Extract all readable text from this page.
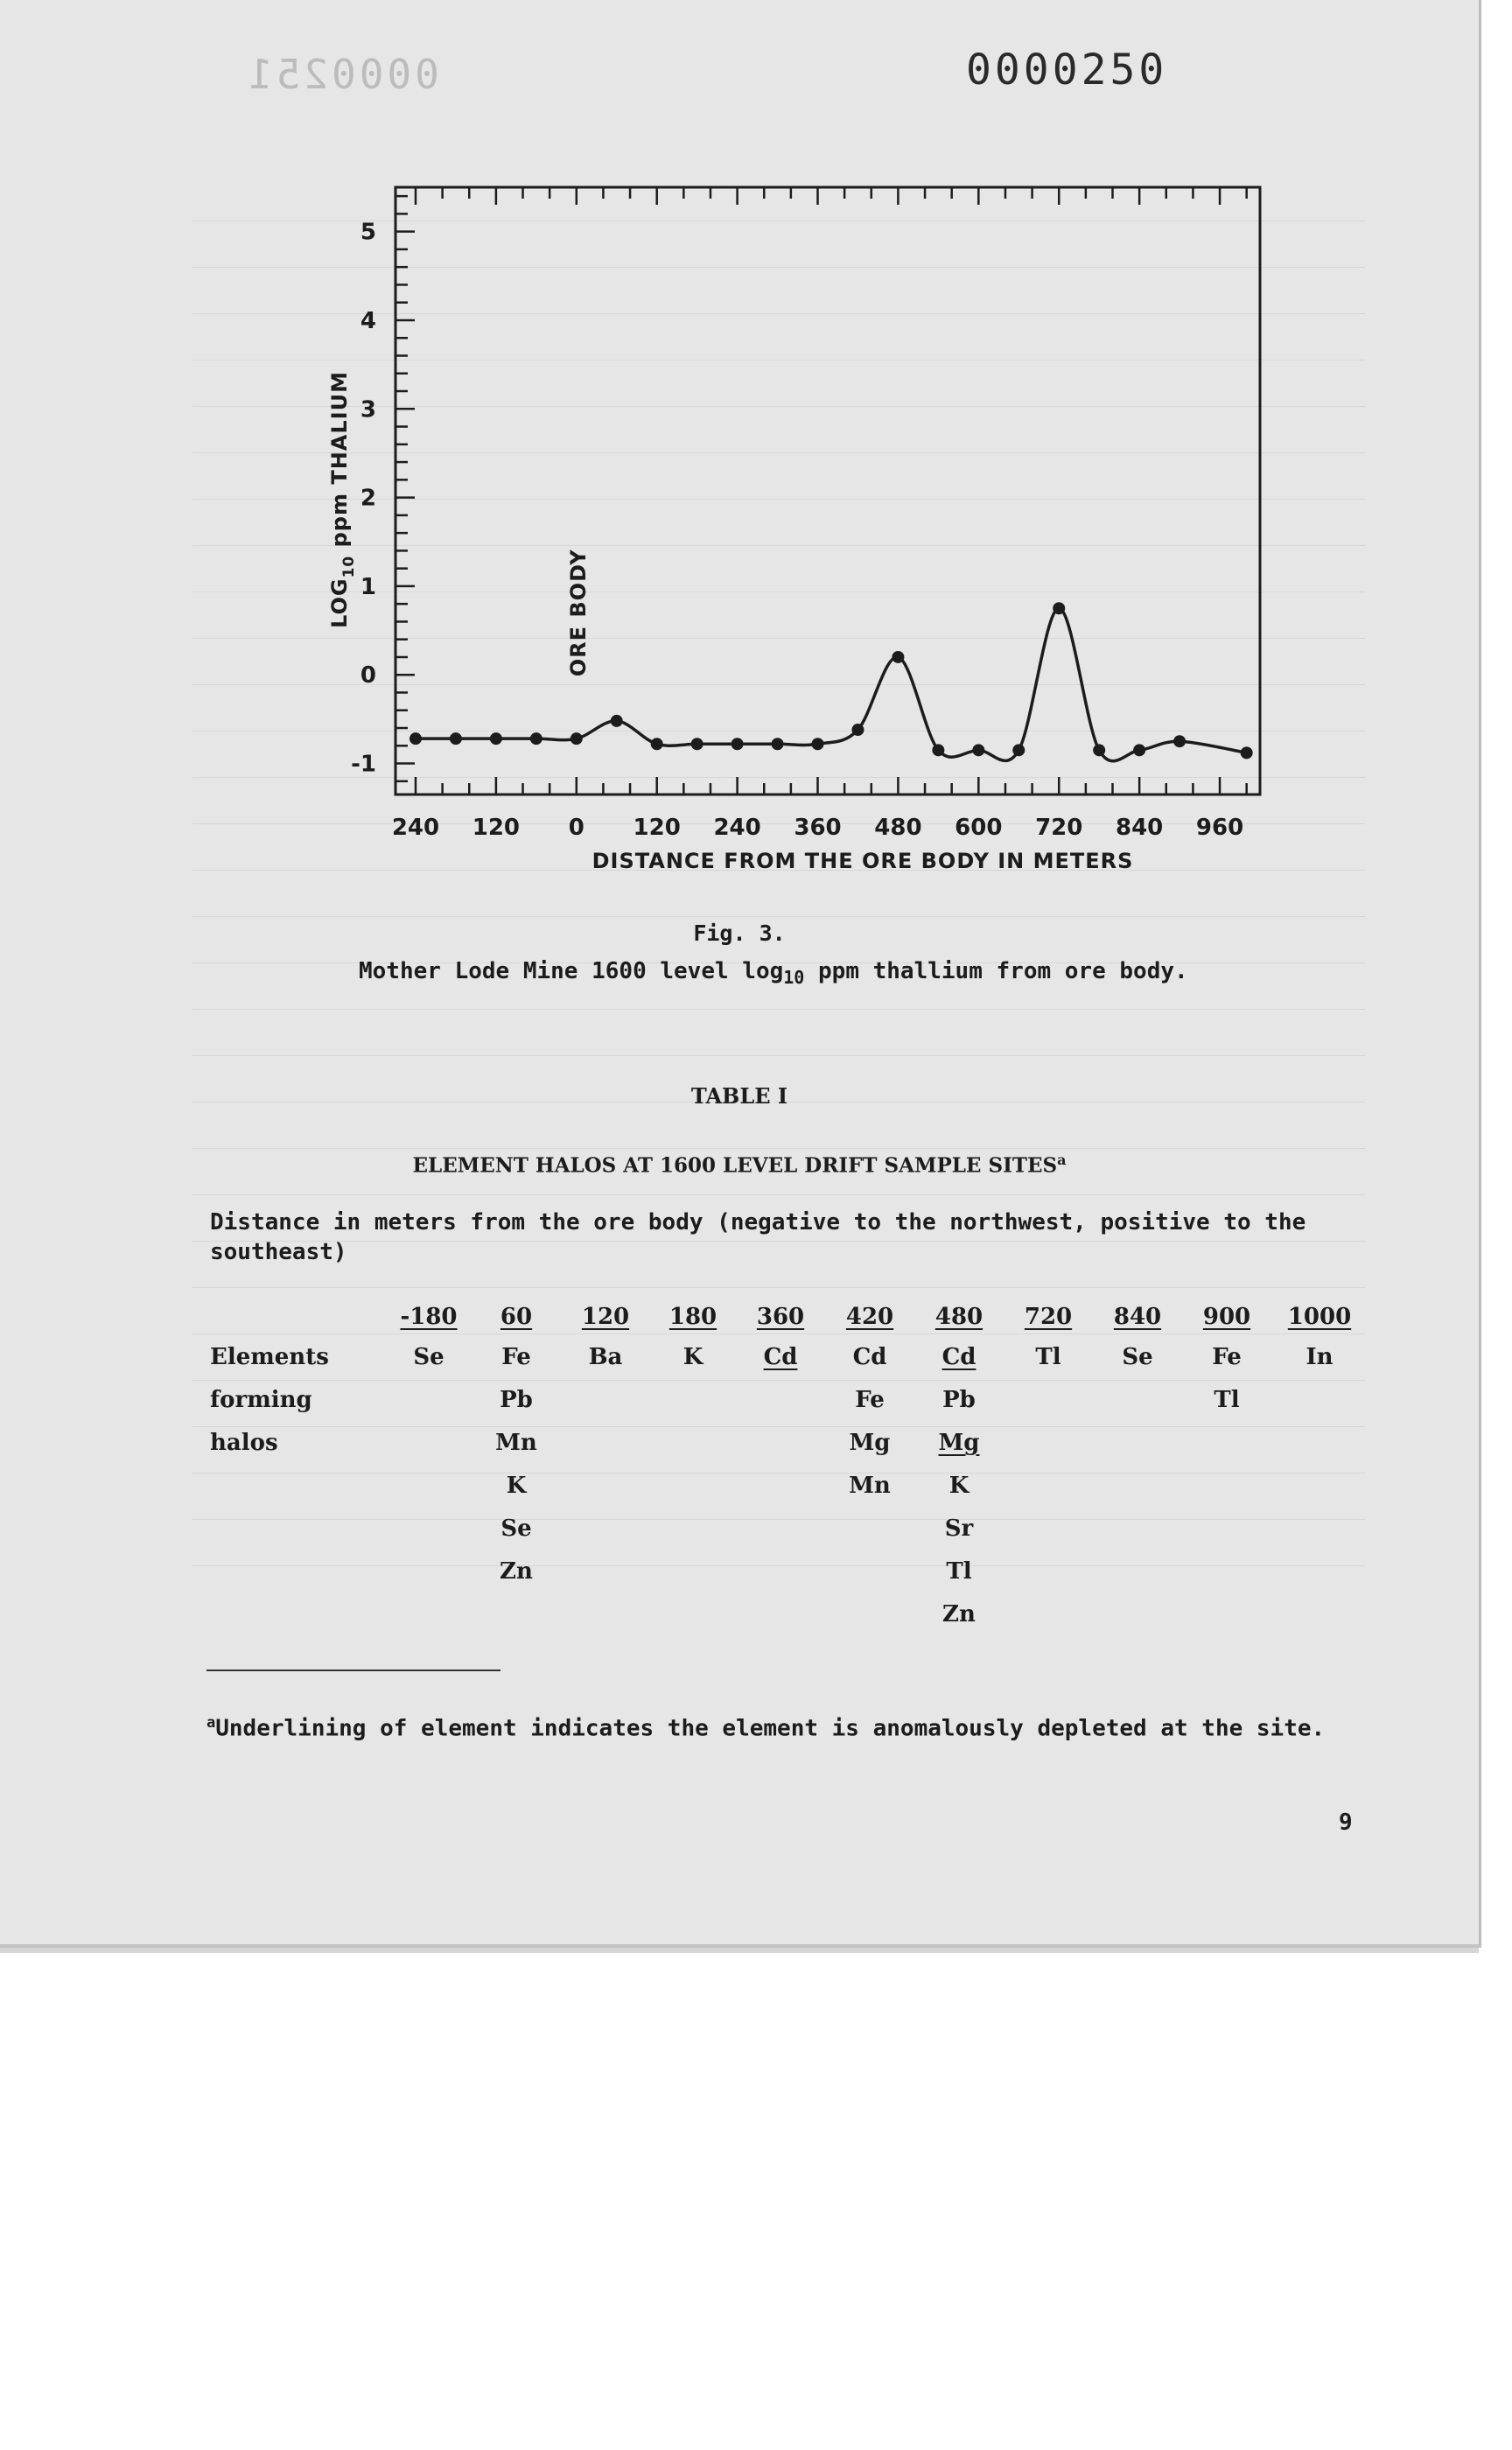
0000251	0000250
-1
0
1
2
3
4
5
240 120 0 120 240 360 480 600 720 840 960
DISTANCE FROM THE ORE BODY IN METERS
$LOG_{10}$ ppm THALIUM
ORE BODY
Fig. 3.
Mother Lode Mine 1600 level $\log_{10}$ ppm thallium from ore body.
TABLE I
ELEMENT HALOS AT 1600 LEVEL DRIFT SAMPLE SITES$^a$
Distance in meters from the ore body (negative to the northwest, positive to the southeast)
Elements
forming
halos
-180
Se
60
Fe
Pb
Mn
K
Se
Zn
120
Ba
180
K
360
Cd
420
Cd
Fe
Mg
Mn
480
Cd
Pb
Mg
K
Sr
Tl
Zn
720
Tl
840
Se
900
Fe
Tl
1000
In
$^a$Underlining of element indicates the element is anomalously depleted at the site.
9
